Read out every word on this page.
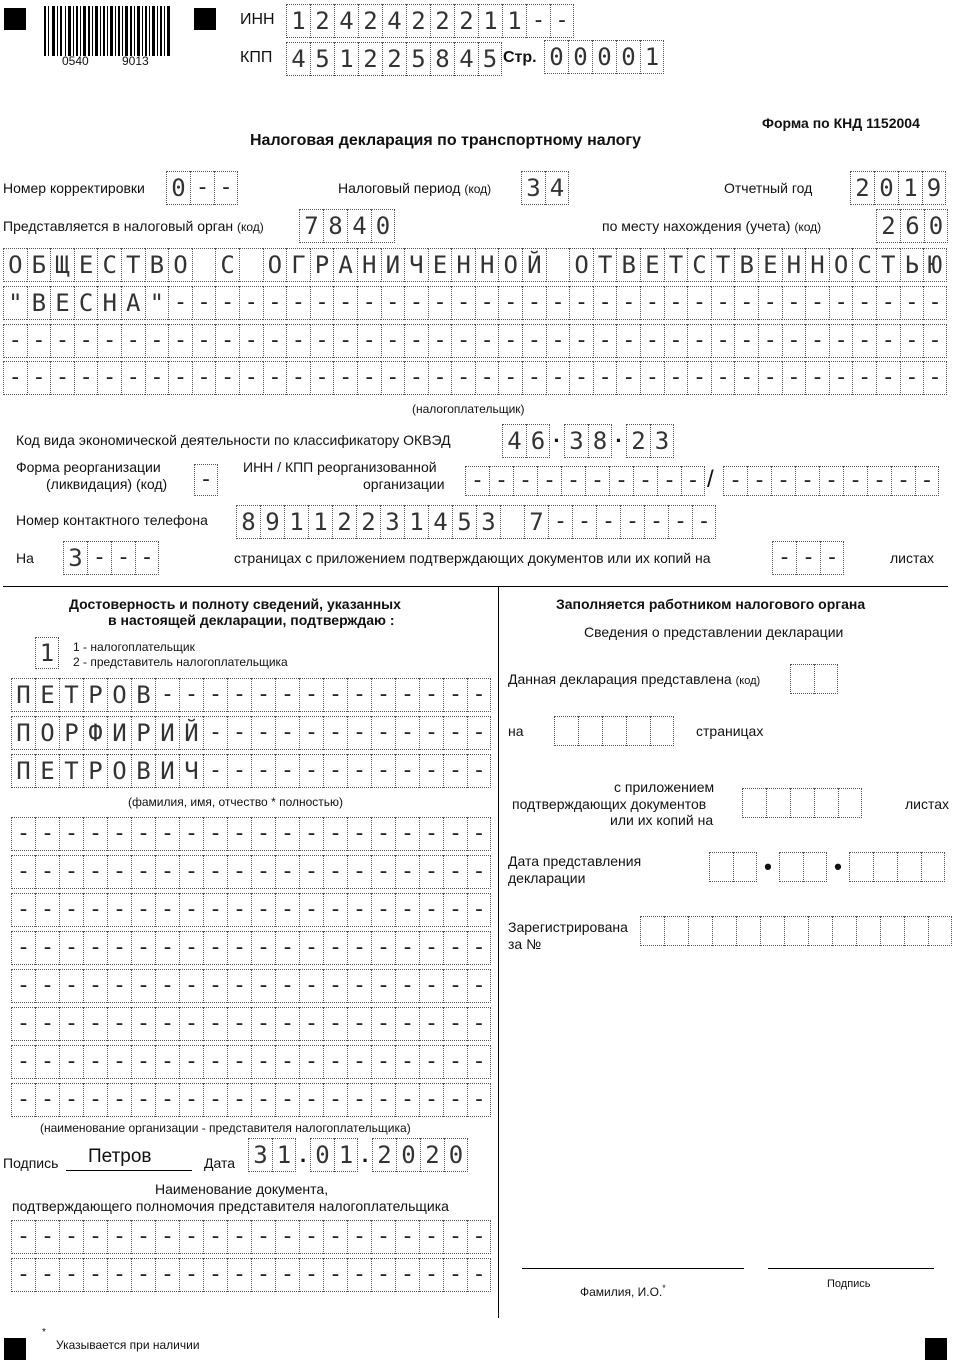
0540	9013
ИНН 1 2 4 2 4 2 2 2 1 1 - -
КПП 4 5 1 2 2 5 8 4 5 Стр. 0 0 0 0 1
Форма по КНД 1152004
Налоговая декларация по транспортному налогу
Номер корректировки 0 - -	Налоговый период (код) 3 4	Отчетный год 2 0 1 9
Представляется в налоговый орган (код) 7 8 4 0	по месту нахождения (учета) (код)	2 6 0
О Б Щ Е С Т В О С О Г Р А Н И Ч Е Н Н О Й О Т В Е Т С Т В Е Н Н О С Т Ь Ю
" В Е С Н А " - - - - - - - - - - - - - - - - - - - - - - - - - - - - - - - - -
- - - - - - - - - - - - - - - - - - - - - - - - - - - - - - - - - - - - - - - -
- - - - - - - - - - - - - - - - - - - - - - - - - - - - - - - - - - - - - - - -
(налогоплательщик)
Код вида экономической деятельности по классификатору ОКВЭД 4 6 · 3 8 · 2 3
Форма реорганизации
(ликвидация) (код) -	ИНН / КПП реорганизованной
организации - - - - - - - - - - / - - - - - - - - -
Номер контактного телефона 8 9 1 1 2 2 3 1 4 5 3 7 - - - - - - -
На 3 - - -	страницах с приложением подтверждающих документов или их копий на	- - -	листах
Достоверность и полноту сведений, указанных
в настоящей декларации, подтверждаю :
1	1 - налогоплательщик
2 - представитель налогоплательщика
П Е Т Р О В - - - - - - - - - - - - - -
П О Р Ф И Р И Й - - - - - - - - - - - -
П Е Т Р О В И Ч - - - - - - - - - - - -
(фамилия, имя, отчество * полностью)
- - - - - - - - - - - - - - - - - - - -
- - - - - - - - - - - - - - - - - - - -
- - - - - - - - - - - - - - - - - - - -
- - - - - - - - - - - - - - - - - - - -
- - - - - - - - - - - - - - - - - - - -
- - - - - - - - - - - - - - - - - - - -
- - - - - - - - - - - - - - - - - - - -
- - - - - - - - - - - - - - - - - - - -
(наименование организации - представителя налогоплательщика)
Подпись Петров	Дата 3 1 . 0 1 . 2 0 2 0
Наименование документа,
подтверждающего полномочия представителя налогоплательщика
- - - - - - - - - - - - - - - - - - - -
- - - - - - - - - - - - - - - - - - - -
Заполняется работником налогового органа
Сведения о представлении декларации
Данная декларация представлена (код)
на	страницах
с приложением
подтверждающих документов
или их копий на
листах
Дата представления
декларации	•	•
Зарегистрирована
за №
Фамилия, И.О.*	Подпись
*
Указывается при наличии
